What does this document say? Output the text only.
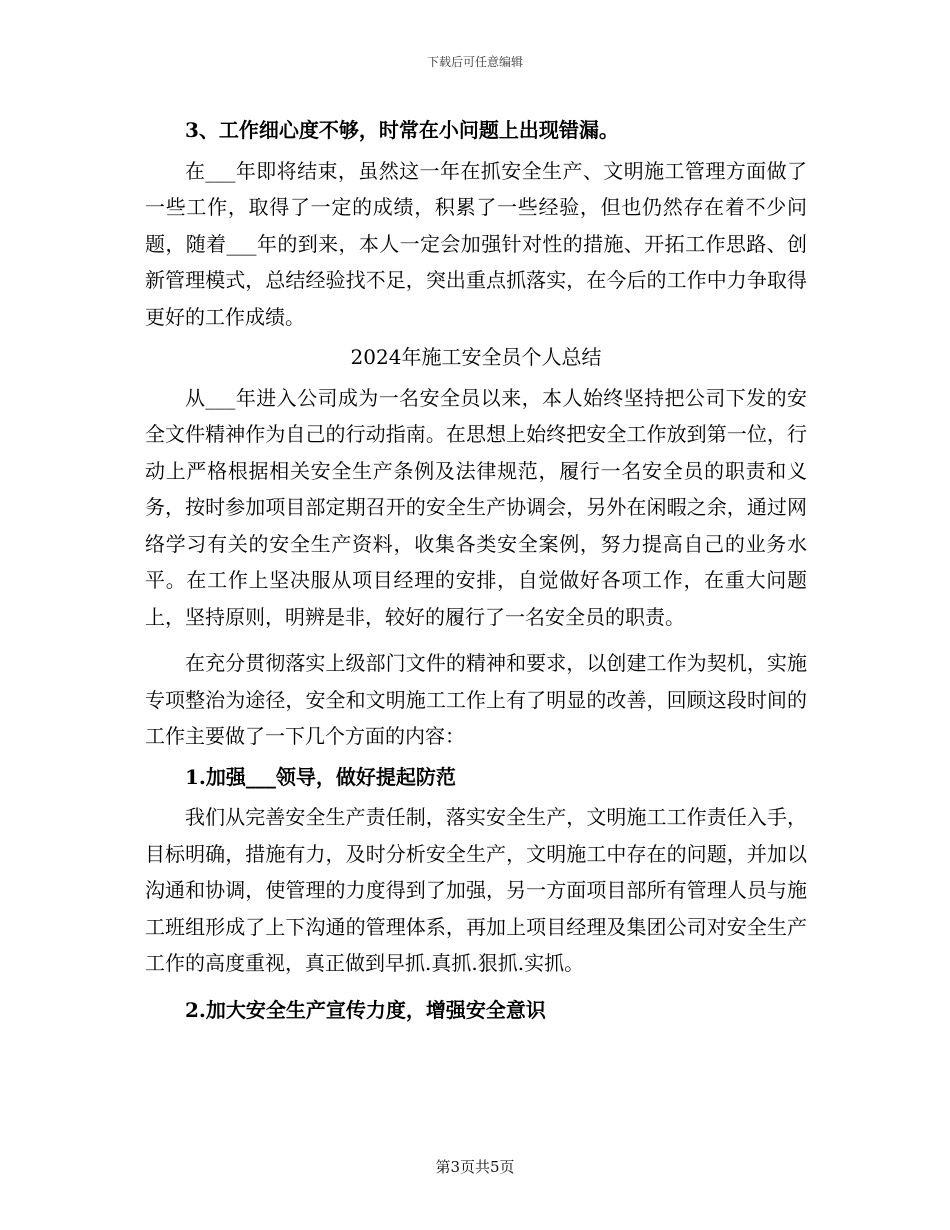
下载后可任意编辑

3、工作细心度不够，时常在小问题上出现错漏。

在___年即将结束，虽然这一年在抓安全生产、文明施工管理方面做了一些工作，取得了一定的成绩，积累了一些经验，但也仍然存在着不少问题，随着___年的到来，本人一定会加强针对性的措施、开拓工作思路、创新管理模式，总结经验找不足，突出重点抓落实，在今后的工作中力争取得更好的工作成绩。

2024年施工安全员个人总结

从___年进入公司成为一名安全员以来，本人始终坚持把公司下发的安全文件精神作为自己的行动指南。在思想上始终把安全工作放到第一位，行动上严格根据相关安全生产条例及法律规范，履行一名安全员的职责和义务，按时参加项目部定期召开的安全生产协调会，另外在闲暇之余，通过网络学习有关的安全生产资料，收集各类安全案例，努力提高自己的业务水平。在工作上坚决服从项目经理的安排，自觉做好各项工作，在重大问题上，坚持原则，明辨是非，较好的履行了一名安全员的职责。

在充分贯彻落实上级部门文件的精神和要求，以创建工作为契机，实施专项整治为途径，安全和文明施工工作上有了明显的改善，回顾这段时间的工作主要做了一下几个方面的内容：

1.加强___领导，做好提起防范

我们从完善安全生产责任制，落实安全生产，文明施工工作责任入手，目标明确，措施有力，及时分析安全生产，文明施工中存在的问题，并加以沟通和协调，使管理的力度得到了加强，另一方面项目部所有管理人员与施工班组形成了上下沟通的管理体系，再加上项目经理及集团公司对安全生产工作的高度重视，真正做到早抓.真抓.狠抓.实抓。

2.加大安全生产宣传力度，增强安全意识

第3页共5页
